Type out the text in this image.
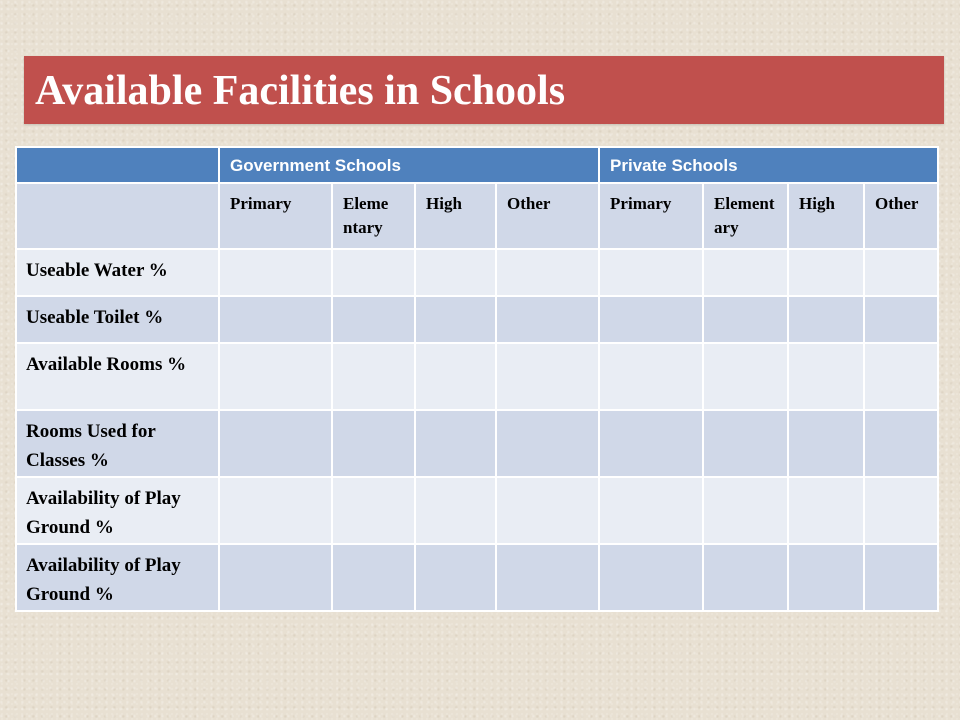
Available Facilities in Schools

	Government Schools				Private Schools			

	Primary	Eleme ntary	High	Other	Primary	Element ary	High	Other

Useable Water %								

Useable Toilet %								

Available Rooms %								

Rooms Used for Classes %								

Availability of Play Ground %								

Availability of Play Ground %								
